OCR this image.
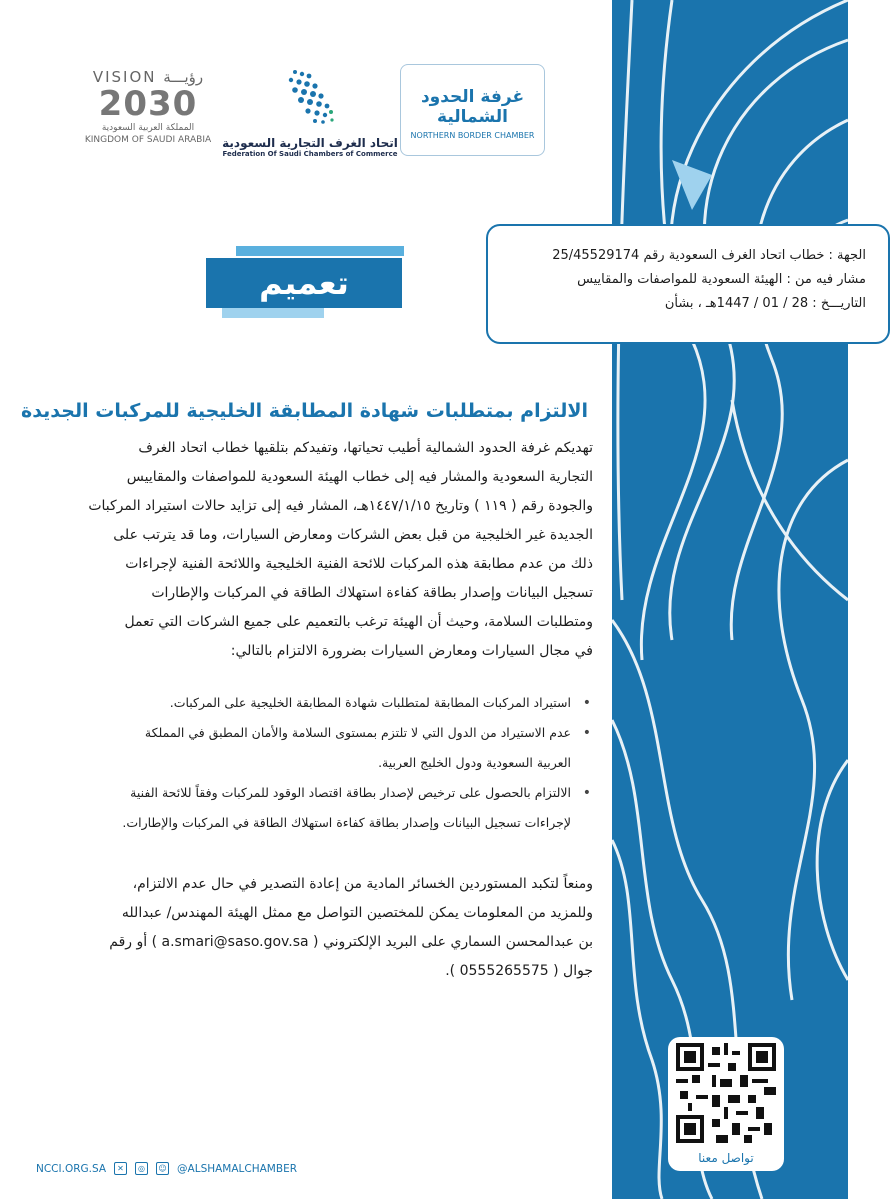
VISION رؤيـــة
2030
المملكة العربية السعودية
KINGDOM OF SAUDI ARABIA اتحاد الغرف التجارية السعودية
Federation Of Saudi Chambers of Commerce
غرفة الحدود الشمالية
NORTHERN BORDER CHAMBER

الجهة : خطاب اتحاد الغرف السعودية رقم 25/45529174

مشار فيه من : الهيئة السعودية للمواصفات والمقاييس

التاريـــخ : 28 / 01 / 1447هـ ، بشأن

تعميم
الالتزام بمتطلبات شهادة المطابقة الخليجية للمركبات الجديدة
تهديكم غرفة الحدود الشمالية أطيب تحياتها، وتفيدكم بتلقيها خطاب اتحاد الغرف
التجارية السعودية والمشار فيه إلى خطاب الهيئة السعودية للمواصفات والمقاييس
والجودة رقم ( ١١٩ ) وتاريخ ١٤٤٧/١/١٥هـ، المشار فيه إلى تزايد حالات استيراد المركبات
الجديدة غير الخليجية من قبل بعض الشركات ومعارض السيارات، وما قد يترتب على
ذلك من عدم مطابقة هذه المركبات للائحة الفنية الخليجية واللائحة الفنية لإجراءات
تسجيل البيانات وإصدار بطاقة كفاءة استهلاك الطاقة في المركبات والإطارات
ومتطلبات السلامة، وحيث أن الهيئة ترغب بالتعميم على جميع الشركات التي تعمل
في مجال السيارات ومعارض السيارات بضرورة الالتزام بالتالي:
• استيراد المركبات المطابقة لمتطلبات شهادة المطابقة الخليجية على المركبات.
• عدم الاستيراد من الدول التي لا تلتزم بمستوى السلامة والأمان المطبق في المملكة
العربية السعودية ودول الخليج العربية.
• الالتزام بالحصول على ترخيص لإصدار بطاقة اقتصاد الوقود للمركبات وفقاً للائحة الفنية
لإجراءات تسجيل البيانات وإصدار بطاقة كفاءة استهلاك الطاقة في المركبات والإطارات.
ومنعاً لتكبد المستوردين الخسائر المادية من إعادة التصدير في حال عدم الالتزام،
وللمزيد من المعلومات يمكن للمختصين التواصل مع ممثل الهيئة المهندس/ عبدالله
بن عبدالمحسن السماري على البريد الإلكتروني ( a.smari@saso.gov.sa ) أو رقم
جوال ( 0555265575 ).
تواصل معنا
NCCI.ORG.SA	✕	◎	☺ @ALSHAMALCHAMBER
